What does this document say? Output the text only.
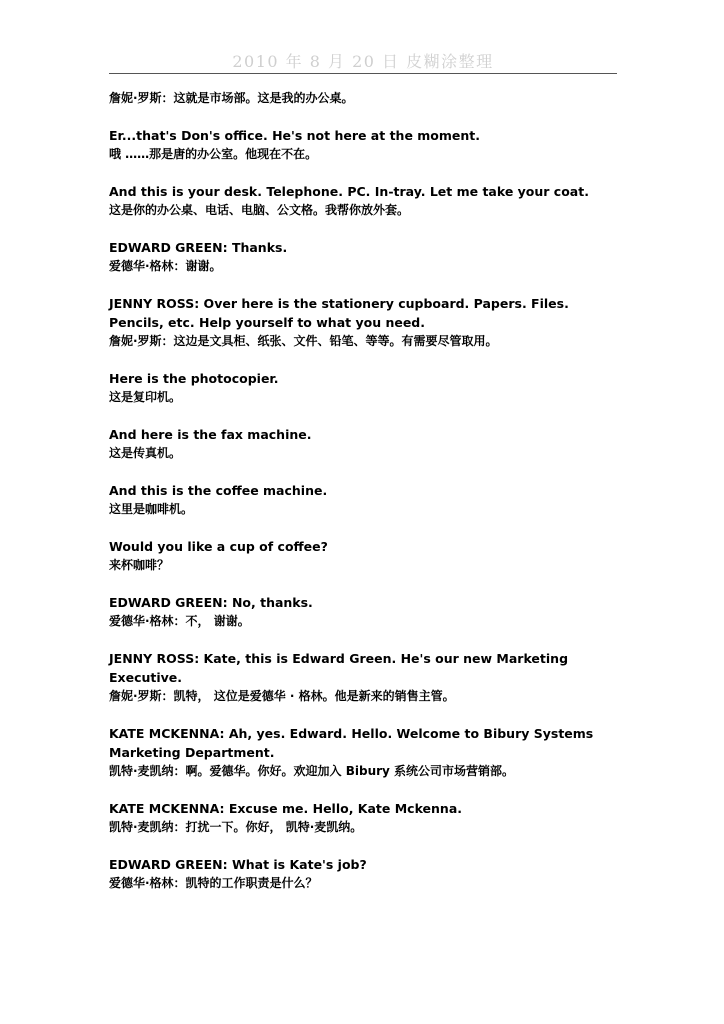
2010 年 8 月 20 日 皮糊涂整理
詹妮·罗斯：这就是市场部。这是我的办公桌。
Er...that's Don's office. He's not here at the moment.
哦 ……那是唐的办公室。他现在不在。
And this is your desk. Telephone. PC. In-tray. Let me take your coat.
这是你的办公桌、电话、电脑、公文格。我帮你放外套。
EDWARD GREEN: Thanks.
爱德华·格林：谢谢。
JENNY ROSS: Over here is the stationery cupboard. Papers. Files. Pencils, etc. Help yourself to what you need.
詹妮·罗斯：这边是文具柜、纸张、文件、铅笔、等等。有需要尽管取用。
Here is the photocopier.
这是复印机。
And here is the fax machine.
这是传真机。
And this is the coffee machine.
这里是咖啡机。
Would you like a cup of coffee?
来杯咖啡？
EDWARD GREEN: No, thanks.
爱德华·格林：不， 谢谢。
JENNY ROSS: Kate, this is Edward Green. He's our new Marketing Executive.
詹妮·罗斯：凯特， 这位是爱德华 · 格林。他是新来的销售主管。
KATE MCKENNA: Ah, yes. Edward. Hello. Welcome to Bibury Systems Marketing Department.
凯特·麦凯纳：啊。爱德华。你好。欢迎加入 Bibury 系统公司市场营销部。
KATE MCKENNA: Excuse me. Hello, Kate Mckenna.
凯特·麦凯纳：打扰一下。你好， 凯特·麦凯纳。
EDWARD GREEN: What is Kate's job?
爱德华·格林：凯特的工作职责是什么？
